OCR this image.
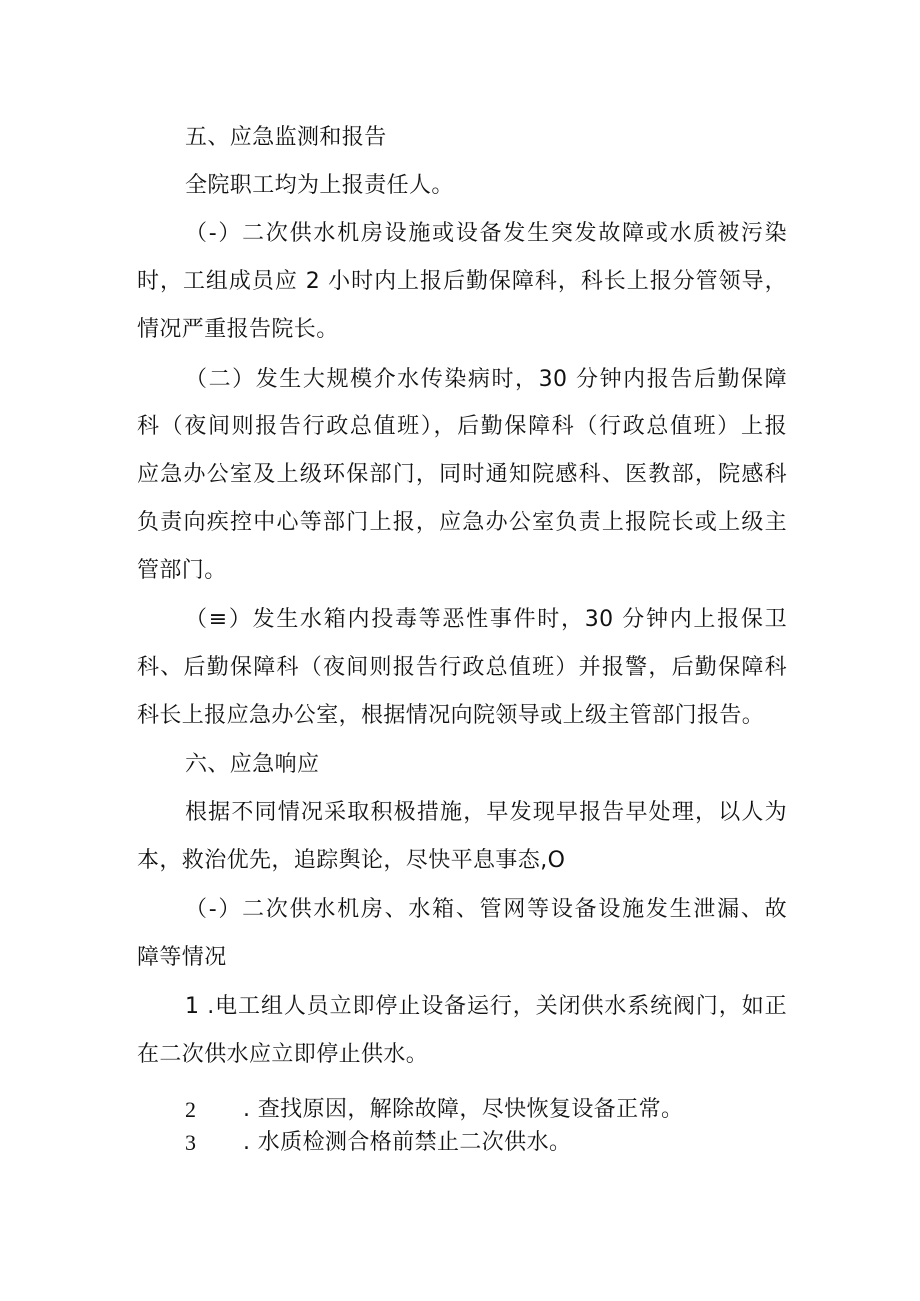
五、应急监测和报告
全院职工均为上报责任人。
（-）二次供水机房设施或设备发生突发故障或水质被污染
时，工组成员应 2 小时内上报后勤保障科，科长上报分管领导，
情况严重报告院长。
（二）发生大规模介水传染病时，30 分钟内报告后勤保障
科（夜间则报告行政总值班），后勤保障科（行政总值班）上报
应急办公室及上级环保部门，同时通知院感科、医教部，院感科
负责向疾控中心等部门上报，应急办公室负责上报院长或上级主
管部门。
（≡）发生水箱内投毒等恶性事件时，30 分钟内上报保卫
科、后勤保障科（夜间则报告行政总值班）并报警，后勤保障科
科长上报应急办公室，根据情况向院领导或上级主管部门报告。
六、应急响应
根据不同情况采取积极措施，早发现早报告早处理，以人为
本，救治优先，追踪舆论，尽快平息事态,O
（-）二次供水机房、水箱、管网等设备设施发生泄漏、故
障等情况
1 .电工组人员立即停止设备运行，关闭供水系统阀门，如正
在二次供水应立即停止供水。
2 . 查找原因，解除故障，尽快恢复设备正常。
3 . 水质检测合格前禁止二次供水。
